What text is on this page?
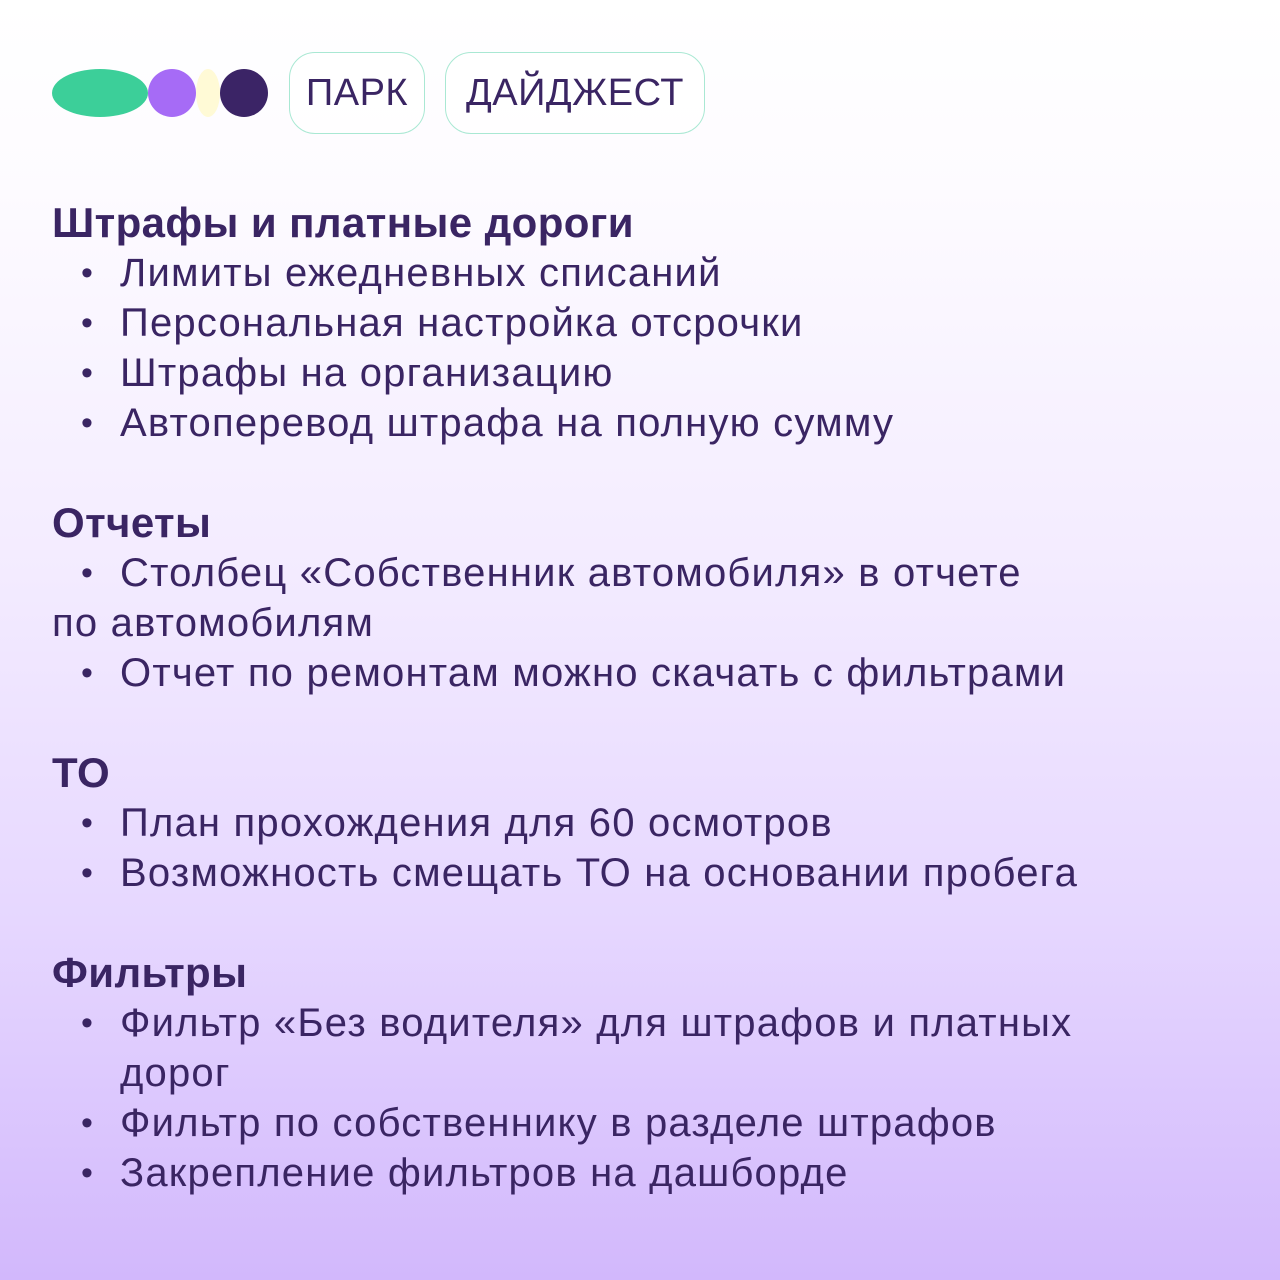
ПАРК	ДАЙДЖЕСТ
Штрафы и платные дороги
• Лимиты ежедневных списаний
• Персональная настройка отсрочки
• Штрафы на организацию
• Автоперевод штрафа на полную сумму
Отчеты
• Столбец «Собственник автомобиля» в отчете
по автомобилям
• Отчет по ремонтам можно скачать с фильтрами
ТО
• План прохождения для 60 осмотров
• Возможность смещать ТО на основании пробега
Фильтры
• Фильтр «Без водителя» для штрафов и платных
дорог
• Фильтр по собственнику в разделе штрафов
• Закрепление фильтров на дашборде
